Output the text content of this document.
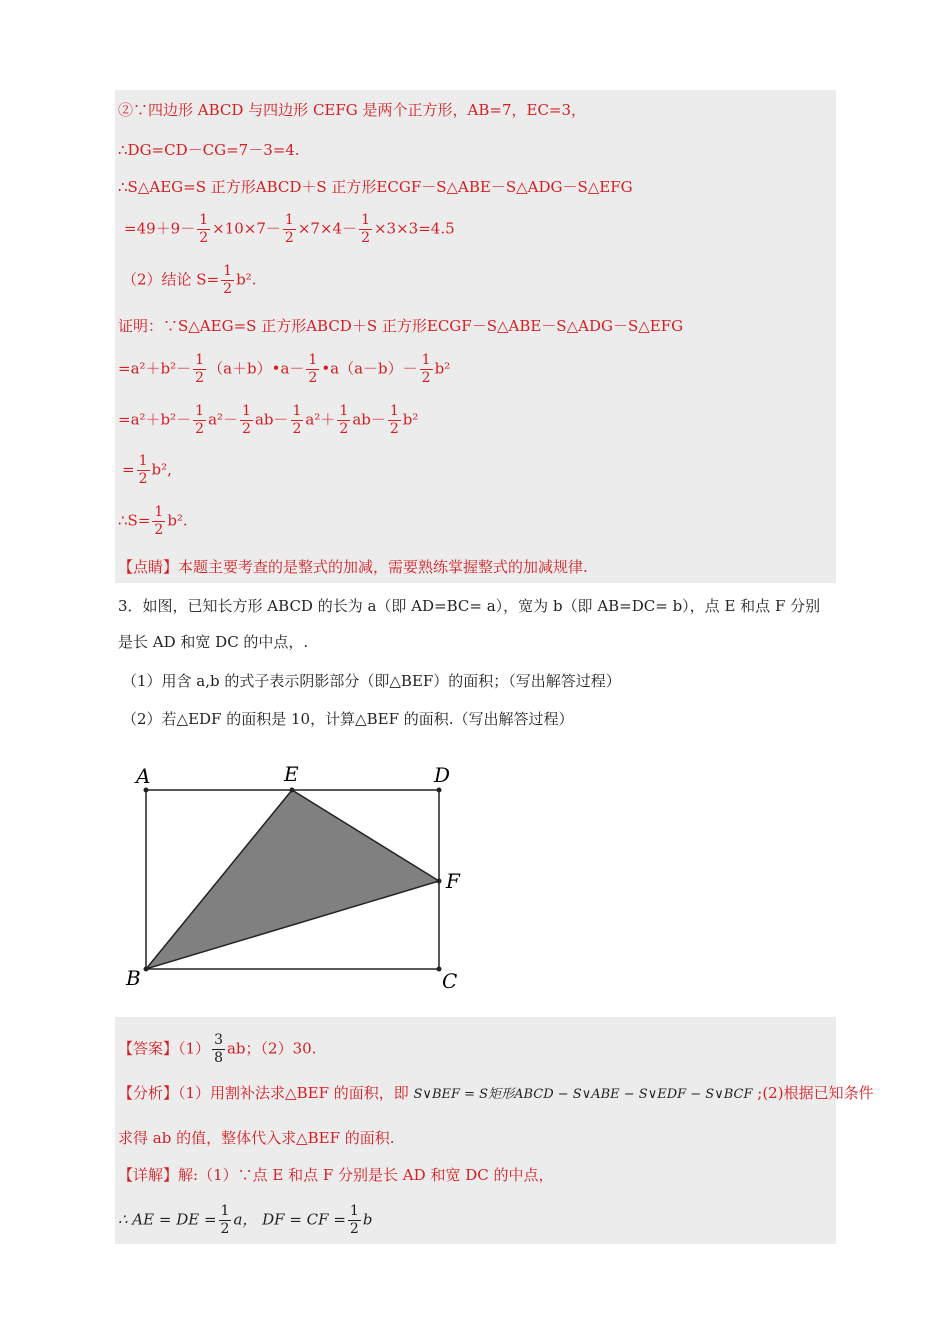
②∵四边形 ABCD 与四边形 CEFG 是两个正方形，AB=7，EC=3，
∴DG=CD－CG=7－3=4.
∴S△AEG=S 正方形ABCD＋S 正方形ECGF－S△ABE－S△ADG－S△EFG
$=49+9- \frac{1}{2} \times 10\times 7- \frac{1}{2} \times 7\times 4- \frac{1}{2} \times 3\times 3=4.5$
（2）结论 $S= \frac{1}{2} b^2$.
证明：∵S△AEG=S 正方形ABCD＋S 正方形ECGF－S△ABE－S△ADG－S△EFG
$=a^2+b^2- \frac{1}{2}$ （a＋b）•a－ $\frac{1}{2}$ •a（a－b）－ $\frac{1}{2} b^2$
$=a^2+b^2- \frac{1}{2} a^2- \frac{1}{2} ab- \frac{1}{2} a^2+ \frac{1}{2} ab- \frac{1}{2} b^2$
= $\frac{1}{2} b^2$,
∴S= $\frac{1}{2} b^2$.
【点睛】本题主要考查的是整式的加减，需要熟练掌握整式的加减规律.
3．如图，已知长方形 ABCD 的长为 a（即 AD=BC= a），宽为 b（即 AB=DC= b），点 E 和点 F 分别
是长 AD 和宽 DC 的中点，.
（1）用含 a,b 的式子表示阴影部分（即△BEF）的面积；（写出解答过程）
（2）若△EDF 的面积是 10，计算△BEF 的面积.（写出解答过程）
A	E	D
F
B	C
【答案】$(1) \frac{3}{8}$ ab；（2）30.
【分析】（1）用割补法求△BEF 的面积，即 S∨BEF = S矩形ABCD − S∨ABE − S∨EDF − S∨BCF ;(2)根据已知条件
求得 ab 的值，整体代入求△BEF 的面积.
【详解】解:（1）∵点 E 和点 F 分别是长 AD 和宽 DC 的中点，
∴ AE = DE = $\frac{1}{2}$ a， DF = CF = $\frac{1}{2}$ b
